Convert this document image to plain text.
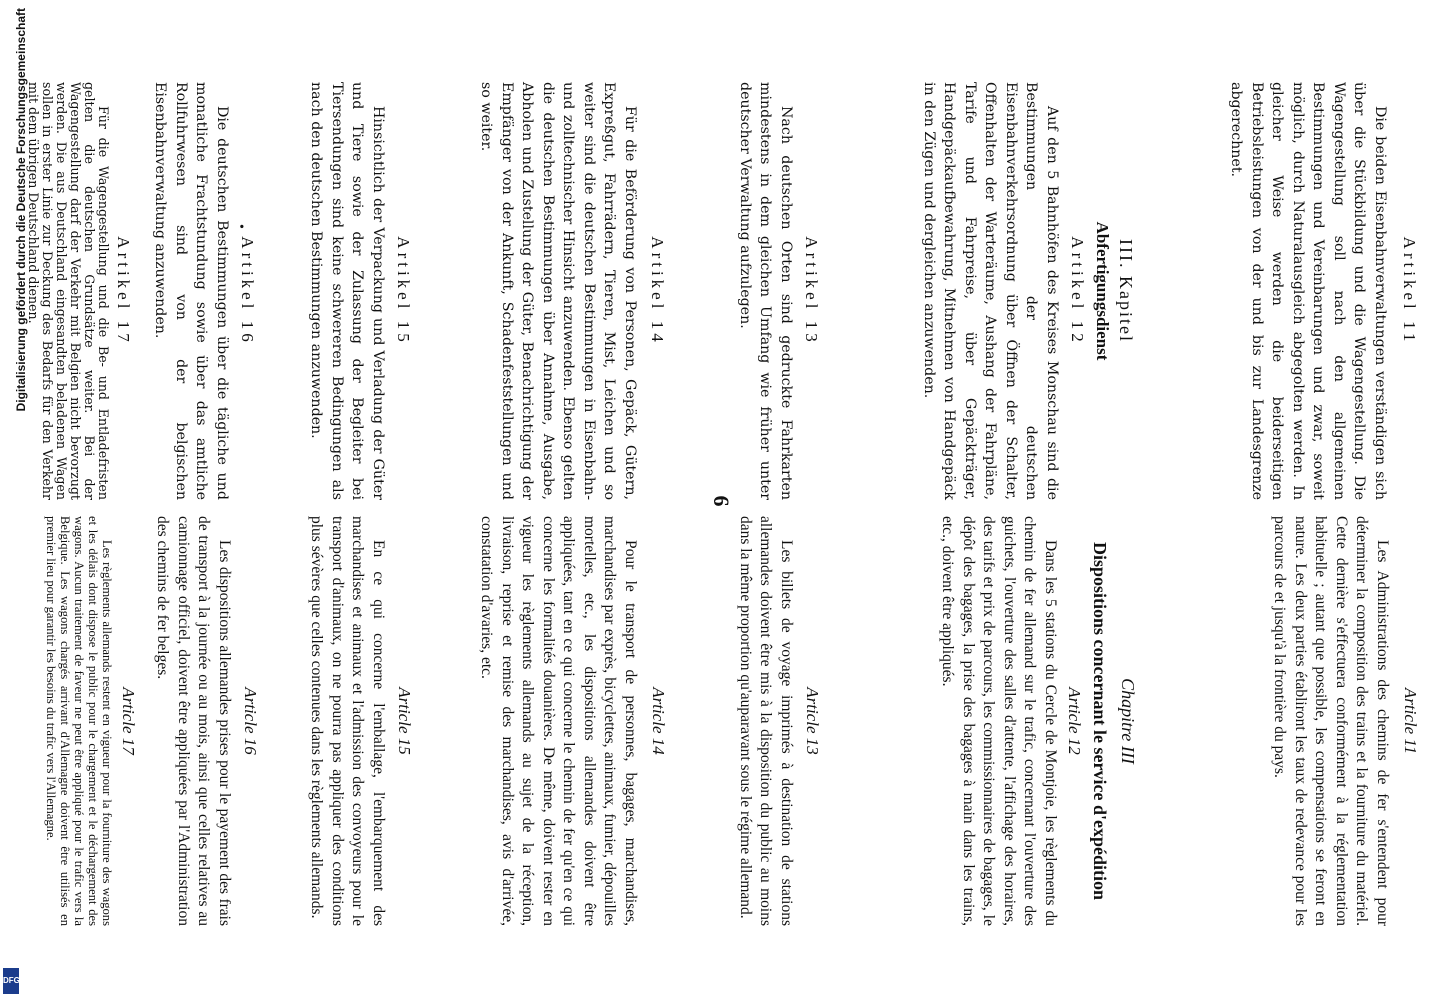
Artikel 11

Die beiden Eisenbahnverwaltungen verständigen sich über die Stückbildung und die Wagengestellung. Die Wagengestellung soll nach den allgemeinen Bestimmungen und Vereinbarungen und zwar, soweit möglich, durch Naturalausgleich abgegolten werden. In gleicher Weise werden die beiderseitigen Betriebsleistungen von der und bis zur Landesgrenze abgerechnet.

III. Kapitel
Abfertigungsdienst
Artikel 12

Auf den 5 Bahnhöfen des Kreises Monschau sind die Bestimmungen der deutschen Eisenbahnverkehrsordnung über Öffnen der Schalter, Offenhalten der Warteräume, Aushang der Fahrpläne, Tarife und Fahrpreise, über Gepäckträger, Handgepäckaufbewahrung, Mitnehmen von Handgepäck in den Zügen und dergleichen anzuwenden.

Artikel 13

Nach deutschen Orten sind gedruckte Fahrkarten mindestens in dem gleichen Umfang wie früher unter deutscher Verwaltung aufzulegen.

Artikel 14

Für die Beförderung von Personen, Gepäck, Gütern, Expreßgut, Fahrrädern, Tieren, Mist, Leichen und so weiter sind die deutschen Bestimmungen in Eisenbahn- und zolltechnischer Hinsicht anzuwenden. Ebenso gelten die deutschen Bestimmungen über Annahme, Ausgabe, Abholen und Zustellung der Güter, Benachrichtigung der Empfänger von der Ankunft, Schadenfeststellungen und so weiter.

Artikel 15

Hinsichtlich der Verpackung und Verladung der Güter und Tiere sowie der Zulassung der Begleiter bei Tiersendungen sind keine schwereren Bedingungen als nach den deutschen Bestimmungen anzuwenden.

Artikel 16

Die deutschen Bestimmungen über die tägliche und monatliche Frachtstundung sowie über das amtliche Rollfuhrwesen sind von der belgischen Eisenbahnverwaltung anzuwenden.

Artikel 17

Für die Wagengestellung und die Be- und Entladefristen gelten die deutschen Grundsätze weiter. Bei der Wagengestellung darf der Verkehr mit Belgien nicht bevorzugt werden. Die aus Deutschland eingesandten beladenen Wagen sollen in erster Linie zur Deckung des Bedarfs für den Verkehr mit dem übrigen Deutschland dienen.

6
Article 11

Les Administrations des chemins de fer s'entendent pour déterminer la composition des trains et la fourniture du matériel. Cette dernière s'effectuera conformément à la réglementation habituelle ; autant que possible, les compensations se feront en nature. Les deux parties établiront les taux de redevance pour les parcours de et jusqu'à la frontière du pays.

Chapitre III
Dispositions concernant le service d'expédition
Article 12

Dans les 5 stations du Cercle de Montjoie, les règlements du chemin de fer allemand sur le trafic, concernant l'ouverture des guichets, l'ouverture des salles d'attente, l'affichage des horaires, des tarifs et prix de parcours, les commissionnaires de bagages, le dépôt des bagages, la prise des bagages à main dans les trains, etc., doivent être appliqués.

Article 13

Les billets de voyage imprimés à destination de stations allemandes doivent être mis à la disposition du public au moins dans la même proportion qu'auparavant sous le régime allemand.

Article 14

Pour le transport de personnes, bagages, marchandises, marchandises par exprès, bicyclettes, animaux, fumier, dépouilles mortelles, etc., les dispositions allemandes doivent être appliquées, tant en ce qui concerne le chemin de fer qu'en ce qui concerne les formalités douanières. De même, doivent rester en vigueur les règlements allemands au sujet de la réception, livraison, reprise et remise des marchandises, avis d'arrivée, constatation d'avaries, etc.

Article 15

En ce qui concerne l'emballage, l'embarquement des marchandises et animaux et l'admission des convoyeurs pour le transport d'animaux, on ne pourra pas appliquer des conditions plus sévères que celles contenues dans les règlements allemands.

Article 16

Les dispositions allemandes prises pour le payement des frais de transport à la journée ou au mois, ainsi que celles relatives au camionnage officiel, doivent être appliquées par l'Administration des chemins de fer belges.

Article 17

Les règlements allemands restent en vigueur pour la fourniture des wagons et les délais dont dispose le public pour le chargement et le déchargement des wagons. Aucun traitement de faveur ne peut être appliqué pour le trafic vers la Belgique. Les wagons chargés arrivant d'Allemagne doivent être utilisés en premier lieu pour garantir les besoins du trafic vers l'Allemagne.

•
Digitalisierung gefördert durch die Deutsche Forschungsgemeinschaft
DFG
